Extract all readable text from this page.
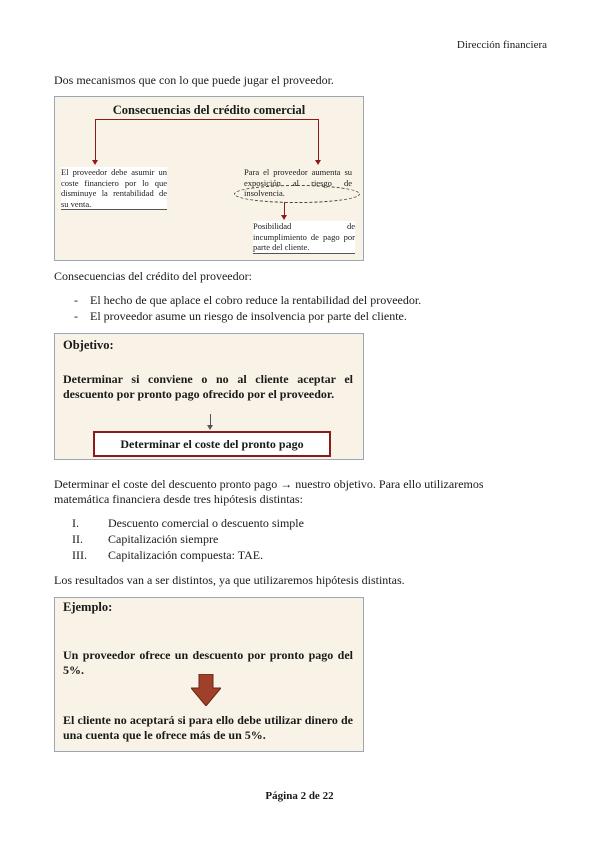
Dirección financiera
Dos mecanismos que con lo que puede jugar el proveedor.
Consecuencias del crédito comercial
El proveedor debe asumir un coste financiero por lo que disminuye la rentabilidad de su venta.
Para el proveedor aumenta su exposición al riesgo de insolvencia.
Posibilidad de incumplimiento de pago por parte del cliente.
Consecuencias del crédito del proveedor:
- El hecho de que aplace el cobro reduce la rentabilidad del proveedor.
- El proveedor asume un riesgo de insolvencia por parte del cliente.
Objetivo:
Determinar si conviene o no al cliente aceptar el descuento por pronto pago ofrecido por el proveedor.
Determinar el coste del pronto pago
Determinar el coste del descuento pronto pago → nuestro objetivo. Para ello utilizaremos
matemática financiera desde tres hipótesis distintas:
I. Descuento comercial o descuento simple
II. Capitalización siempre
III. Capitalización compuesta: TAE.
Los resultados van a ser distintos, ya que utilizaremos hipótesis distintas.
Ejemplo:
Un proveedor ofrece un descuento por pronto pago del 5%.
El cliente no aceptará si para ello debe utilizar dinero de una cuenta que le ofrece más de un 5%.
Página 2 de 22
